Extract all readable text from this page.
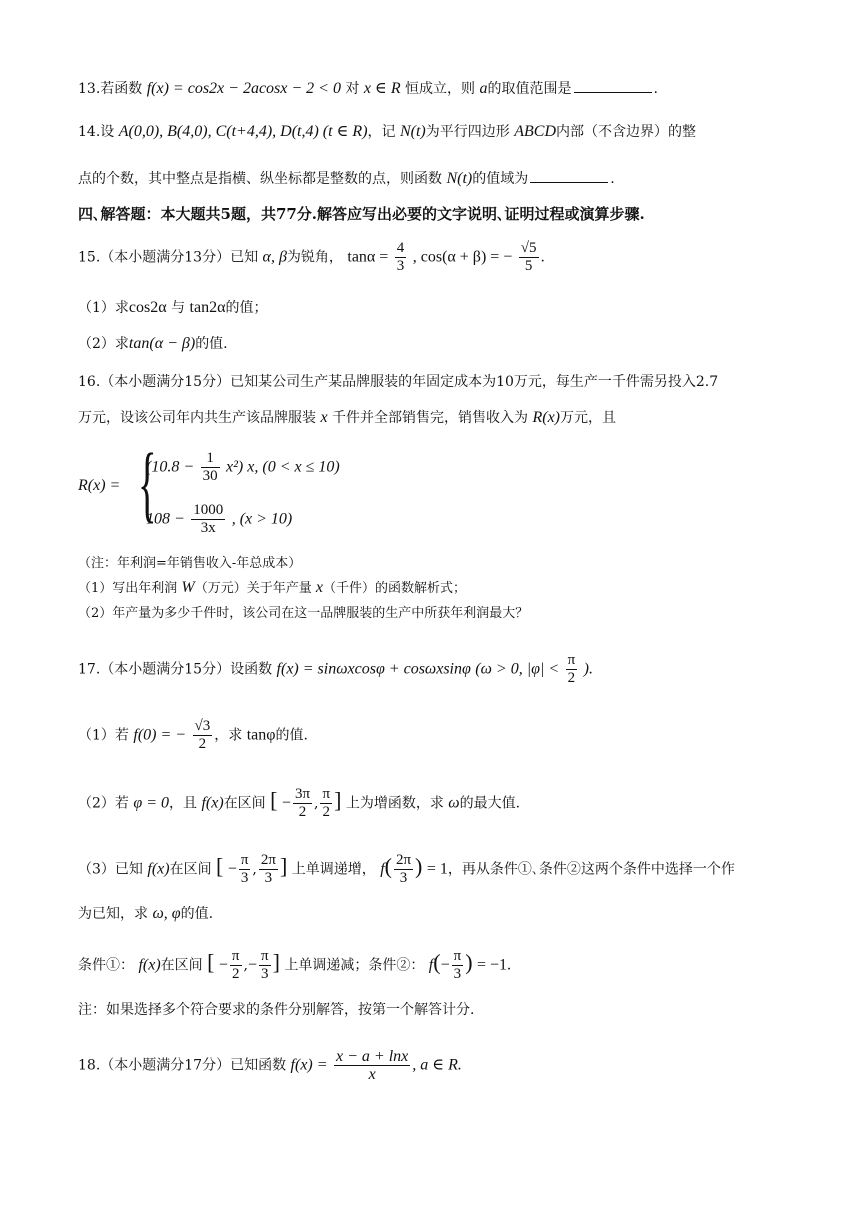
13.若函数 f(x) = cos2x − 2acosx − 2 < 0 对 x ∈ R 恒成立，则 a的取值范围是	.
14.设 A(0,0), B(4,0), C(t+4,4), D(t,4) (t ∈ R)，记 N(t)为平行四边形 ABCD内部（不含边界）的整
点的个数，其中整点是指横、纵坐标都是整数的点，则函数 N(t)的值域为	.
四､解答题：本大题共5题，共77分.解答应写出必要的文字说明､证明过程或演算步骤.
15.（本小题满分13分）已知 α, β为锐角， $\tan\alpha = \frac{4}{3}$ , cos(α + β) = − $\frac{√5}{5}$ .
（1）求cos2α 与 tan2α的值；
（2）求tan(α − β)的值.
16.（本小题满分15分）已知某公司生产某品牌服装的年固定成本为10万元，每生产一千件需另投入2.7
万元，设该公司年内共生产该品牌服装 x 千件并全部销售完，销售收入为 R(x)万元，且
R(x) = {
$(10.8 - \frac{1}{30} x^2)$ x, (0 < x ≤ 10)
$108 - \frac{1000}{3x}$ , (x > 10)
（注：年利润=年销售收入-年总成本）
（1）写出年利润 W（万元）关于年产量 x（千件）的函数解析式；
（2）年产量为多少千件时，该公司在这一品牌服装的生产中所获年利润最大？
17.（本小题满分15分）设函数 f(x) = sinωxcosφ + cosωxsinφ (ω > 0, $|\varphi| < \frac{\pi}{2}$ ).
（1）若 f(0) = − $\frac{√3}{2}$ ，求 tanφ的值.
（2）若 φ = 0，且 f(x)在区间 [ − $\frac{3\pi}{2}$ , $\frac{\pi}{2}$ ] 上为增函数，求 ω的最大值.
（3）已知 f(x)在区间 [ − $\frac{\pi}{3}$ , $\frac{2\pi}{3}$ ] 上单调递增， $f( \frac{2\pi}{3}$ ) = 1，再从条件①､条件②这两个条件中选择一个作
为已知，求 ω, φ的值.
条件①： f(x)在区间 [ − $\frac{\pi}{2}$ ,− $\frac{\pi}{3}$ ] 上单调递减；条件②： $f(- \frac{\pi}{3}$ ) = −1.
注：如果选择多个符合要求的条件分别解答，按第一个解答计分.
18.（本小题满分17分）已知函数 $f(x) = \frac{x - a + \ln x}{x}$ , a ∈ R.
